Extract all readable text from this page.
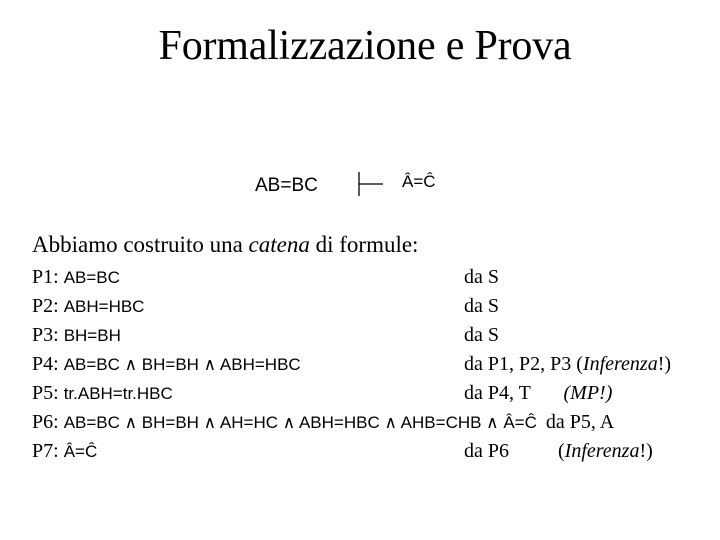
Formalizzazione e Prova
AB=BC	Â=Ĉ
Abbiamo costruito una catena di formule:
P1: AB=BC	da S
P2: ABH=HBC	da S
P3: BH=BH	da S
P4: AB=BC ∧ BH=BH ∧ ABH=HBC	da P1, P2, P3 (Inferenza!)
P5: tr.ABH=tr.HBC	da P4, T (MP!)
P6: AB=BC ∧ BH=BH ∧ AH=HC ∧ ABH=HBC ∧ AHB=CHB ∧ Â=Ĉ da P5, A
P7: Â=Ĉ	da P6 (Inferenza!)
